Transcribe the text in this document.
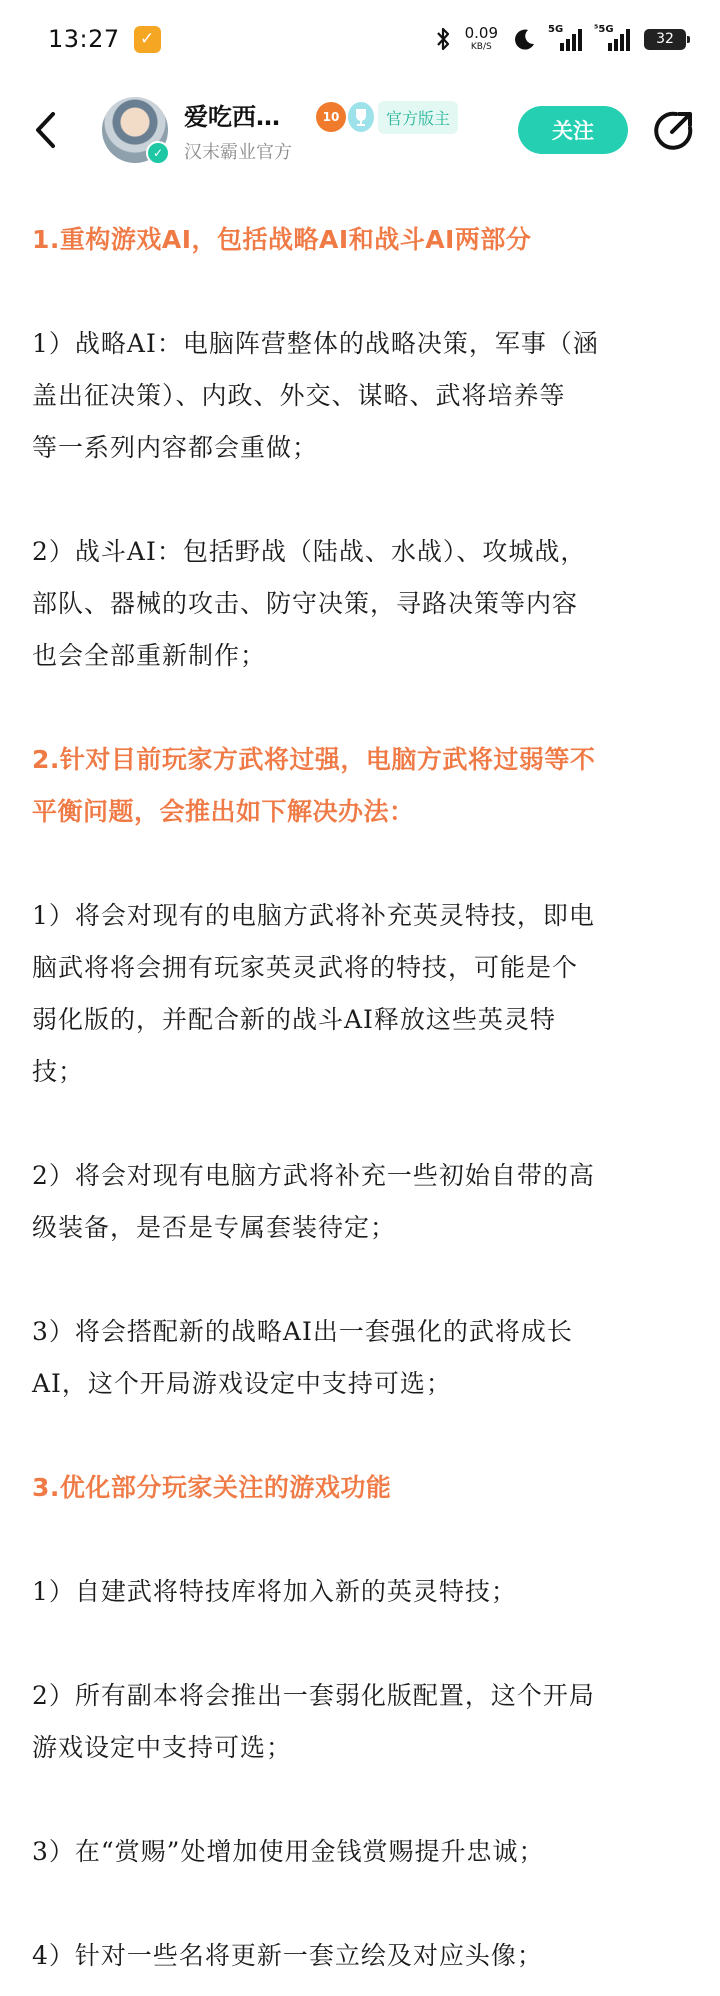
13:27	✓	0.09
KB/S
5G	⁵5G
32
✓
爱吃西…
汉末霸业官方
10	官方版主
关注

1.重构游戏AI，包括战略AI和战斗AI两部分

1）战略AI：电脑阵营整体的战略决策，军事（涵

盖出征决策）、内政、外交、谋略、武将培养等

等一系列内容都会重做；

2）战斗AI：包括野战（陆战、水战）、攻城战，

部队、器械的攻击、防守决策，寻路决策等内容

也会全部重新制作；

2.针对目前玩家方武将过强，电脑方武将过弱等不

平衡问题，会推出如下解决办法：

1）将会对现有的电脑方武将补充英灵特技，即电

脑武将将会拥有玩家英灵武将的特技，可能是个

弱化版的，并配合新的战斗AI释放这些英灵特

技；

2）将会对现有电脑方武将补充一些初始自带的高

级装备，是否是专属套装待定；

3）将会搭配新的战略AI出一套强化的武将成长

AI，这个开局游戏设定中支持可选；

3.优化部分玩家关注的游戏功能

1）自建武将特技库将加入新的英灵特技；

2）所有副本将会推出一套弱化版配置，这个开局

游戏设定中支持可选；

3）在“赏赐”处增加使用金钱赏赐提升忠诚；

4）针对一些名将更新一套立绘及对应头像；
